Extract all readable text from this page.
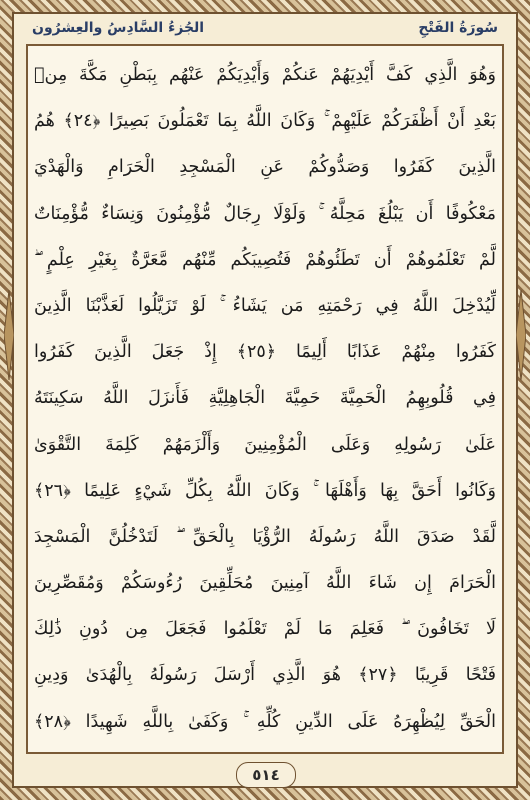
الجُزءُ السَّادِسُ والعِشرُون	سُورَةُ الفَتْحِ
وَهُوَ الَّذِي كَفَّ أَيْدِيَهُمْ عَنكُمْ وَأَيْدِيَكُمْ عَنْهُم بِبَطْنِ مَكَّةَ مِنۢ
بَعْدِ أَنْ أَظْفَرَكُمْ عَلَيْهِمْ ۚ وَكَانَ اللَّهُ بِمَا تَعْمَلُونَ بَصِيرًا ﴿٢٤﴾ هُمُ
الَّذِينَ كَفَرُوا وَصَدُّوكُمْ عَنِ الْمَسْجِدِ الْحَرَامِ وَالْهَدْيَ
مَعْكُوفًا أَن يَبْلُغَ مَحِلَّهُ ۚ وَلَوْلَا رِجَالٌ مُّؤْمِنُونَ وَنِسَاءٌ مُّؤْمِنَاتٌ
لَّمْ تَعْلَمُوهُمْ أَن تَطَئُوهُمْ فَتُصِيبَكُم مِّنْهُم مَّعَرَّةٌ بِغَيْرِ عِلْمٍ ۖ
لِّيُدْخِلَ اللَّهُ فِي رَحْمَتِهِ مَن يَشَاءُ ۚ لَوْ تَزَيَّلُوا لَعَذَّبْنَا الَّذِينَ
كَفَرُوا مِنْهُمْ عَذَابًا أَلِيمًا ﴿٢٥﴾ إِذْ جَعَلَ الَّذِينَ كَفَرُوا
فِي قُلُوبِهِمُ الْحَمِيَّةَ حَمِيَّةَ الْجَاهِلِيَّةِ فَأَنزَلَ اللَّهُ سَكِينَتَهُ
عَلَىٰ رَسُولِهِ وَعَلَى الْمُؤْمِنِينَ وَأَلْزَمَهُمْ كَلِمَةَ التَّقْوَىٰ
وَكَانُوا أَحَقَّ بِهَا وَأَهْلَهَا ۚ وَكَانَ اللَّهُ بِكُلِّ شَيْءٍ عَلِيمًا ﴿٢٦﴾
لَّقَدْ صَدَقَ اللَّهُ رَسُولَهُ الرُّؤْيَا بِالْحَقِّ ۖ لَتَدْخُلُنَّ الْمَسْجِدَ
الْحَرَامَ إِن شَاءَ اللَّهُ آمِنِينَ مُحَلِّقِينَ رُءُوسَكُمْ وَمُقَصِّرِينَ
لَا تَخَافُونَ ۖ فَعَلِمَ مَا لَمْ تَعْلَمُوا فَجَعَلَ مِن دُونِ ذَٰلِكَ
فَتْحًا قَرِيبًا ﴿٢٧﴾ هُوَ الَّذِي أَرْسَلَ رَسُولَهُ بِالْهُدَىٰ وَدِينِ
الْحَقِّ لِيُظْهِرَهُ عَلَى الدِّينِ كُلِّهِ ۚ وَكَفَىٰ بِاللَّهِ شَهِيدًا ﴿٢٨﴾
٥١٤
